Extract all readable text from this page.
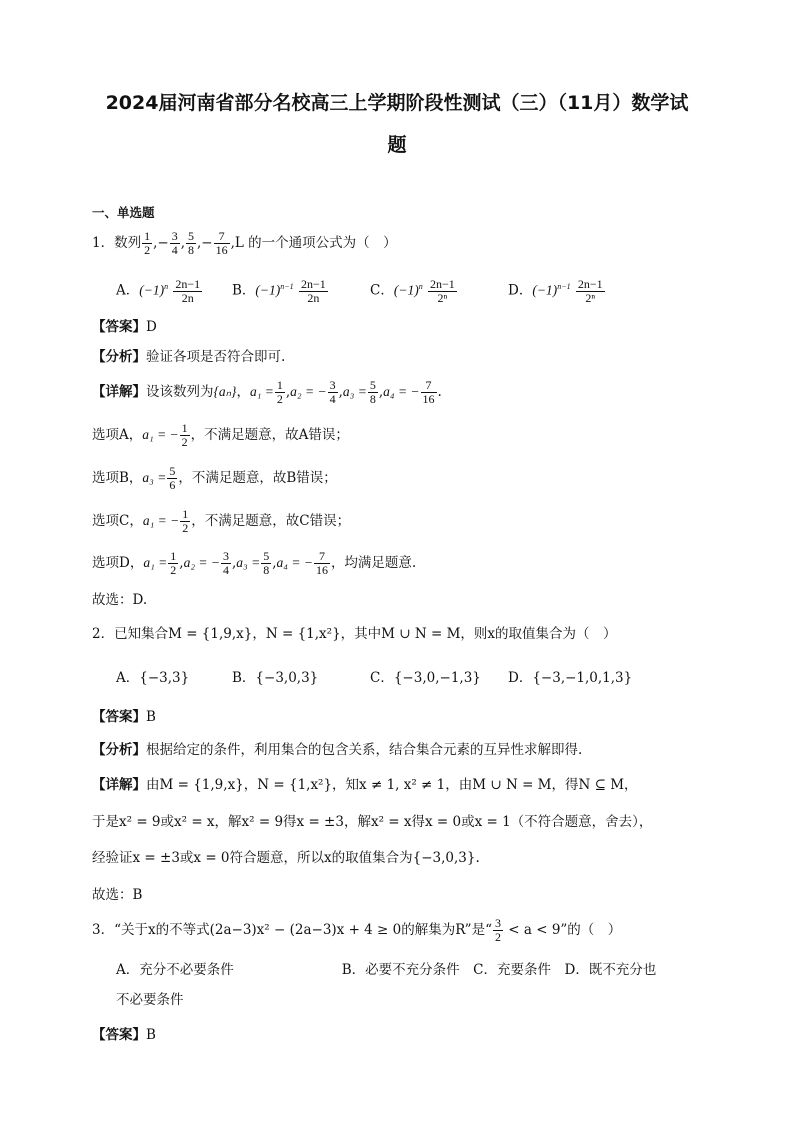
2024届河南省部分名校高三上学期阶段性测试（三）（11月）数学试
题
一、单选题
1．数列 $\frac{1}{2}$ ,− $\frac{3}{4}$ , $\frac{5}{8}$ ,− $\frac{7}{16} ,L$ 的一个通项公式为（　）
A．$(-1)^n \frac{2n-1}{2n}$ B．$(-1)^{n-1} \frac{2n-1}{2n}$	C．$(-1)^n \frac{2n-1}{\text{2ⁿ}}$	D．$(-1)^{n-1} \frac{2n-1}{\text{2ⁿ}}$
【答案】D
【分析】验证各项是否符合即可.
【详解】设该数列为{aₙ}，$a_1 = \frac{1}{2} ,a_2$ = − $\frac{3}{4} ,a_3 = \frac{5}{8} ,a_4$ = − $\frac{7}{16}$ .
选项A，a₁ = − $\frac{1}{2}$ ，不满足题意，故A错误；
选项B，$a_3 = \frac{5}{6}$ ，不满足题意，故B错误；
选项C，a₁ = − $\frac{1}{2}$ ，不满足题意，故C错误；
选项D，$a_1 = \frac{1}{2} ,a_2$ = − $\frac{3}{4} ,a_3 = \frac{5}{8} ,a_4$ = − $\frac{7}{16}$ ，均满足题意.
故选：D.
2．已知集合M = {1,9,x}，N = {1,x²}，其中M ∪ N = M，则x的取值集合为（　）
A．{−3,3}	B．{−3,0,3}	C．{−3,0,−1,3} D．{−3,−1,0,1,3}
【答案】B
【分析】根据给定的条件，利用集合的包含关系，结合集合元素的互异性求解即得.
【详解】由M = {1,9,x}，N = {1,x²}，知x ≠ 1, x² ≠ 1，由M ∪ N = M，得N ⊆ M，
于是x² = 9或x² = x，解x² = 9得x = ±3，解x² = x得x = 0或x = 1（不符合题意，舍去），
经验证x = ±3或x = 0符合题意，所以x的取值集合为{−3,0,3}.
故选：B
3．“关于x的不等式(2a−3)x² − (2a−3)x + 4 ≥ 0的解集为R”是“ $\frac{3}{2} < a < 9$”的（　）
A．充分不必要条件　　　　　　　　B．必要不充分条件　C．充要条件　D．既不充分也
不必要条件
【答案】B
